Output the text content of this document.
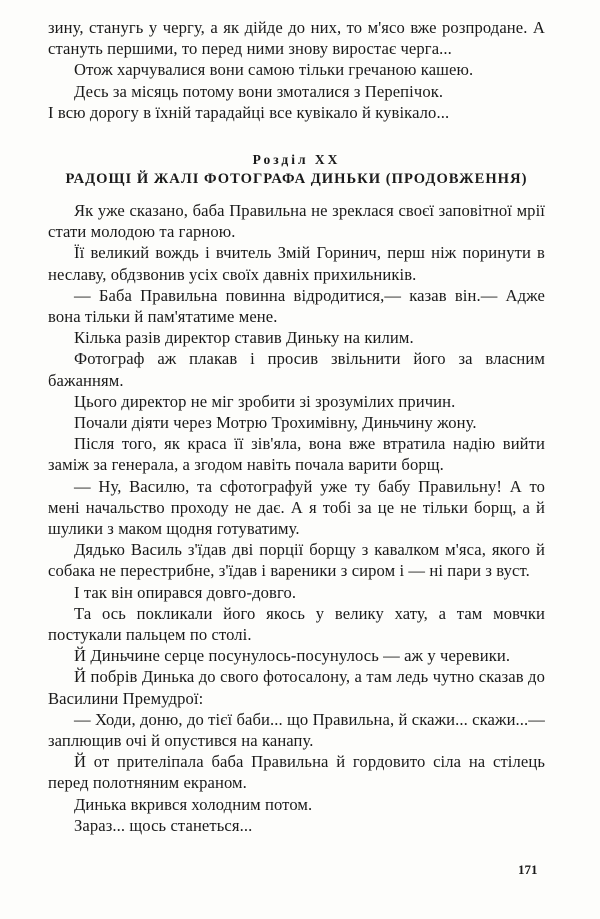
зину, станугь у чергу, а як дійде до них, то м'ясо вже розпродане. А стануть першими, то перед ними знову виростає черга...

Отож харчувалися вони самою тільки гречаною кашею.

Десь за місяць потому вони змоталися з Перепічок.

І всю дорогу в їхній тарадайці все кувікало й кувікало...

Розділ XX
РАДОЩІ Й ЖАЛІ ФОТОГРАФА ДИНЬКИ (ПРОДОВЖЕННЯ)

Як уже сказано, баба Правильна не зреклася своєї заповітної мрії стати молодою та гарною.

Її великий вождь і вчитель Змій Горинич, перш ніж поринути в неславу, обдзвонив усіх своїх давніх прихильників.

— Баба Правильна повинна відродитися,— казав він.— Адже вона тільки й пам'ятатиме мене.

Кілька разів директор ставив Диньку на килим.

Фотограф аж плакав і просив звільнити його за власним бажанням.

Цього директор не міг зробити зі зрозумілих причин.

Почали діяти через Мотрю Трохимівну, Диньчину жону.

Після того, як краса її зів'яла, вона вже втратила надію вийти заміж за генерала, а згодом навіть почала варити борщ.

— Ну, Василю, та сфотографуй уже ту бабу Правильну! А то мені начальство проходу не дає. А я тобі за це не тільки борщ, а й шулики з маком щодня готуватиму.

Дядько Василь з'їдав дві порції борщу з кавалком м'яса, якого й собака не перестрибне, з'їдав і вареники з сиром і — ні пари з вуст.

І так він опирався довго-довго.

Та ось покликали його якось у велику хату, а там мовчки постукали пальцем по столі.

Й Диньчине серце посунулось-посунулось — аж у черевики.

Й побрів Динька до свого фотосалону, а там ледь чутно сказав до Василини Премудрої:

— Ходи, доню, до тієї баби... що Правильна, й скажи... скажи...— заплющив очі й опустився на канапу.

Й от прителіпала баба Правильна й гордовито сіла на стілець перед полотняним екраном.

Динька вкрився холодним потом.

Зараз... щось станеться...

171
